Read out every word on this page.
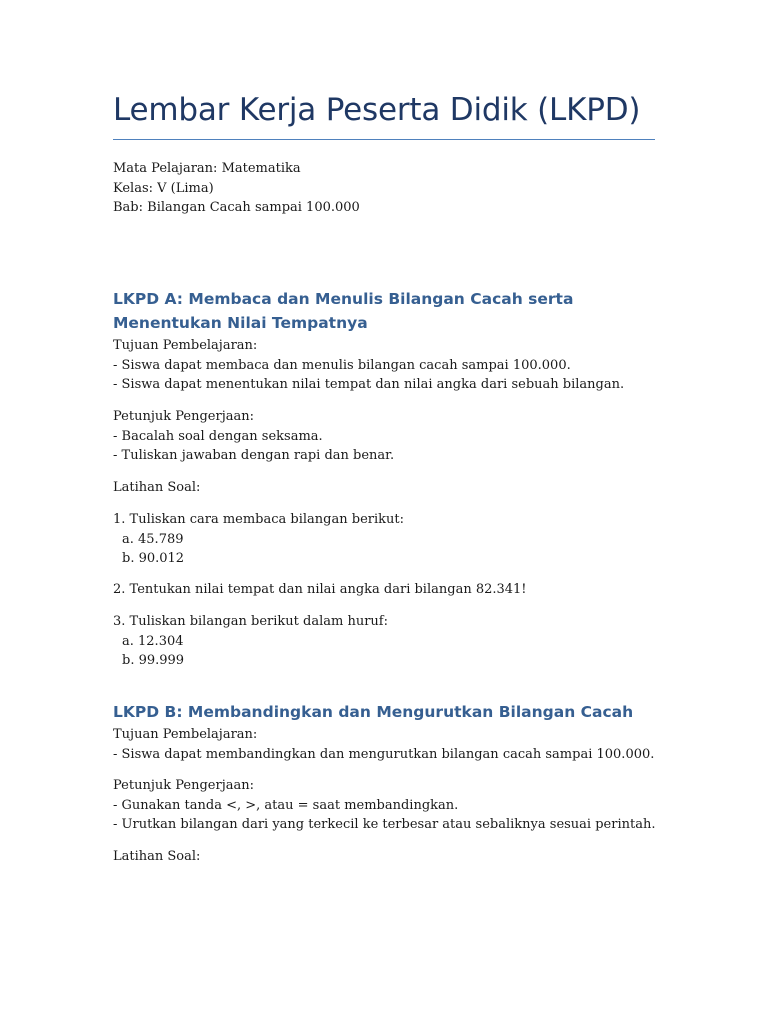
Lembar Kerja Peserta Didik (LKPD)
Mata Pelajaran: Matematika
Kelas: V (Lima)
Bab: Bilangan Cacah sampai 100.000
LKPD A: Membaca dan Menulis Bilangan Cacah serta Menentukan Nilai Tempatnya
Tujuan Pembelajaran:
- Siswa dapat membaca dan menulis bilangan cacah sampai 100.000.
- Siswa dapat menentukan nilai tempat dan nilai angka dari sebuah bilangan.
Petunjuk Pengerjaan:
- Bacalah soal dengan seksama.
- Tuliskan jawaban dengan rapi dan benar.
Latihan Soal:
1. Tuliskan cara membaca bilangan berikut:
a. 45.789
b. 90.012
2. Tentukan nilai tempat dan nilai angka dari bilangan 82.341!
3. Tuliskan bilangan berikut dalam huruf:
a. 12.304
b. 99.999
LKPD B: Membandingkan dan Mengurutkan Bilangan Cacah
Tujuan Pembelajaran:
- Siswa dapat membandingkan dan mengurutkan bilangan cacah sampai 100.000.
Petunjuk Pengerjaan:
- Gunakan tanda <, >, atau = saat membandingkan.
- Urutkan bilangan dari yang terkecil ke terbesar atau sebaliknya sesuai perintah.
Latihan Soal:
